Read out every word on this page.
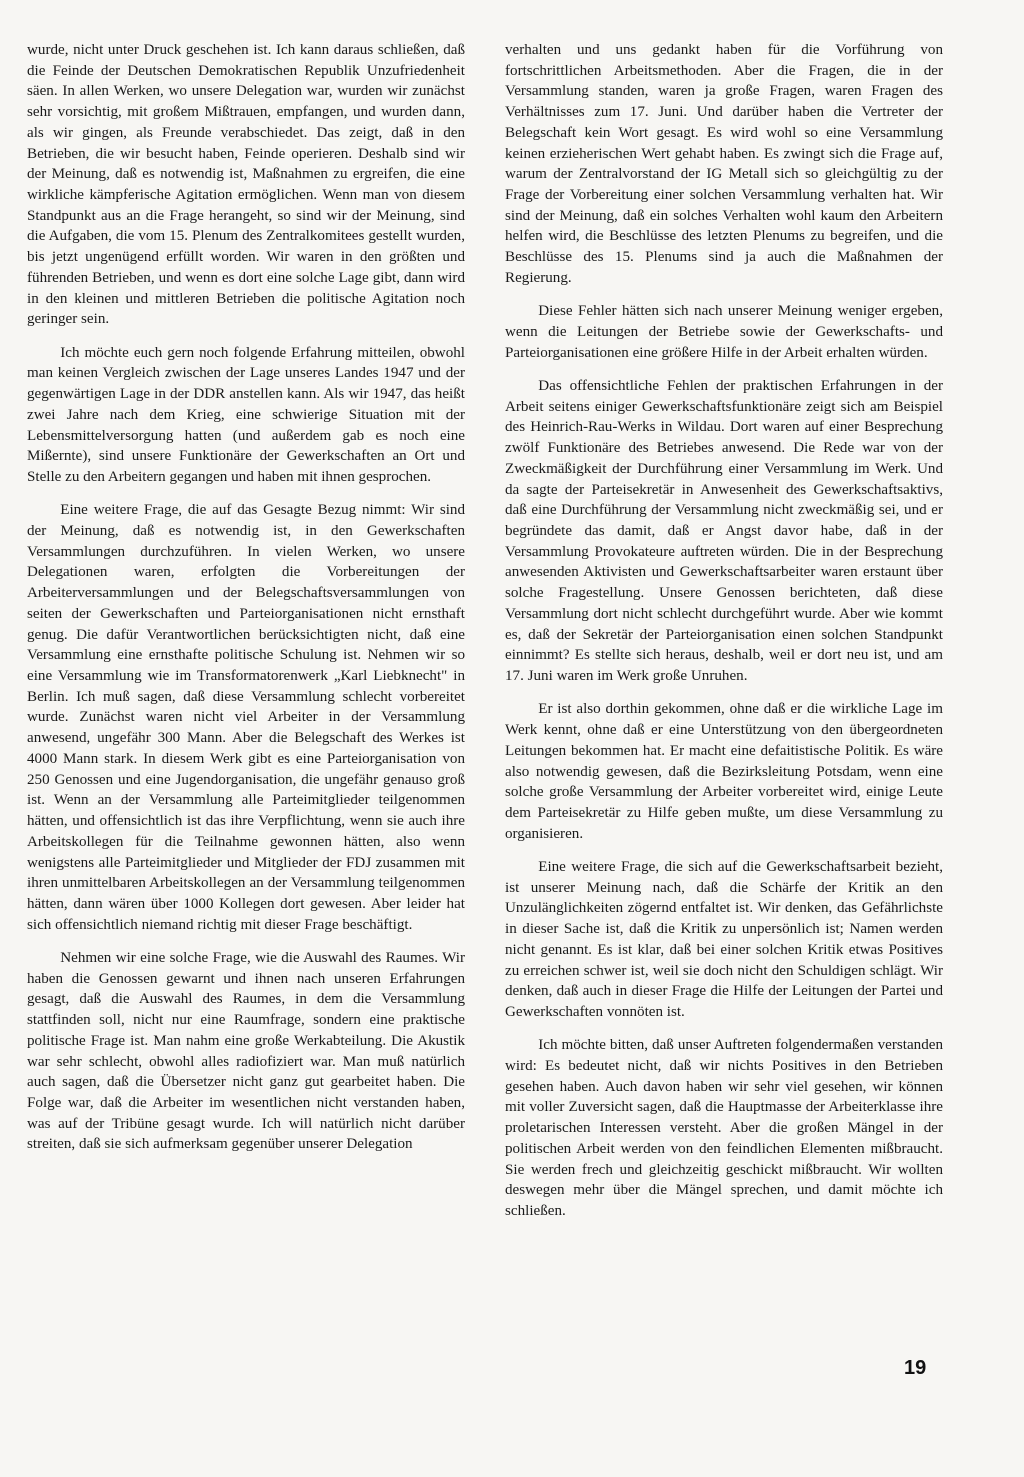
wurde, nicht unter Druck geschehen ist. Ich kann daraus schließen, daß die Feinde der Deutschen Demokratischen Republik Unzufriedenheit säen. In allen Werken, wo unsere Delegation war, wurden wir zunächst sehr vorsichtig, mit großem Mißtrauen, empfangen, und wurden dann, als wir gingen, als Freunde verabschiedet. Das zeigt, daß in den Betrieben, die wir besucht haben, Feinde operieren. Deshalb sind wir der Meinung, daß es notwendig ist, Maßnahmen zu ergreifen, die eine wirkliche kämpferische Agitation ermöglichen. Wenn man von diesem Standpunkt aus an die Frage herangeht, so sind wir der Meinung, sind die Aufgaben, die vom 15. Plenum des Zentralkomitees gestellt wurden, bis jetzt ungenügend erfüllt worden. Wir waren in den größten und führenden Betrieben, und wenn es dort eine solche Lage gibt, dann wird in den kleinen und mittleren Betrieben die politische Agitation noch geringer sein.

Ich möchte euch gern noch folgende Erfahrung mitteilen, obwohl man keinen Vergleich zwischen der Lage unseres Landes 1947 und der gegenwärtigen Lage in der DDR anstellen kann. Als wir 1947, das heißt zwei Jahre nach dem Krieg, eine schwierige Situation mit der Lebensmittelversorgung hatten (und außerdem gab es noch eine Mißernte), sind unsere Funktionäre der Gewerkschaften an Ort und Stelle zu den Arbeitern gegangen und haben mit ihnen gesprochen.

Eine weitere Frage, die auf das Gesagte Bezug nimmt: Wir sind der Meinung, daß es notwendig ist, in den Gewerkschaften Versammlungen durchzuführen. In vielen Werken, wo unsere Delegationen waren, erfolgten die Vorbereitungen der Arbeiterversammlungen und der Belegschaftsversammlungen von seiten der Gewerkschaften und Parteiorganisationen nicht ernsthaft genug. Die dafür Verantwortlichen berücksichtigten nicht, daß eine Versammlung eine ernsthafte politische Schulung ist. Nehmen wir so eine Versammlung wie im Transformatorenwerk „Karl Liebknecht" in Berlin. Ich muß sagen, daß diese Versammlung schlecht vorbereitet wurde. Zunächst waren nicht viel Arbeiter in der Versammlung anwesend, ungefähr 300 Mann. Aber die Belegschaft des Werkes ist 4000 Mann stark. In diesem Werk gibt es eine Parteiorganisation von 250 Genossen und eine Jugendorganisation, die ungefähr genauso groß ist. Wenn an der Versammlung alle Parteimitglieder teilgenommen hätten, und offensichtlich ist das ihre Verpflichtung, wenn sie auch ihre Arbeitskollegen für die Teilnahme gewonnen hätten, also wenn wenigstens alle Parteimitglieder und Mitglieder der FDJ zusammen mit ihren unmittelbaren Arbeitskollegen an der Versammlung teilgenommen hätten, dann wären über 1000 Kollegen dort gewesen. Aber leider hat sich offensichtlich niemand richtig mit dieser Frage beschäftigt.

Nehmen wir eine solche Frage, wie die Auswahl des Raumes. Wir haben die Genossen gewarnt und ihnen nach unseren Erfahrungen gesagt, daß die Auswahl des Raumes, in dem die Versammlung stattfinden soll, nicht nur eine Raumfrage, sondern eine praktische politische Frage ist. Man nahm eine große Werkabteilung. Die Akustik war sehr schlecht, obwohl alles radiofiziert war. Man muß natürlich auch sagen, daß die Übersetzer nicht ganz gut gearbeitet haben. Die Folge war, daß die Arbeiter im wesentlichen nicht verstanden haben, was auf der Tribüne gesagt wurde. Ich will natürlich nicht darüber streiten, daß sie sich aufmerksam gegenüber unserer Delegation

verhalten und uns gedankt haben für die Vorführung von fortschrittlichen Arbeitsmethoden. Aber die Fragen, die in der Versammlung standen, waren ja große Fragen, waren Fragen des Verhältnisses zum 17. Juni. Und darüber haben die Vertreter der Belegschaft kein Wort gesagt. Es wird wohl so eine Versammlung keinen erzieherischen Wert gehabt haben. Es zwingt sich die Frage auf, warum der Zentralvorstand der IG Metall sich so gleichgültig zu der Frage der Vorbereitung einer solchen Versammlung verhalten hat. Wir sind der Meinung, daß ein solches Verhalten wohl kaum den Arbeitern helfen wird, die Beschlüsse des letzten Plenums zu begreifen, und die Beschlüsse des 15. Plenums sind ja auch die Maßnahmen der Regierung.

Diese Fehler hätten sich nach unserer Meinung weniger ergeben, wenn die Leitungen der Betriebe sowie der Gewerkschafts- und Parteiorganisationen eine größere Hilfe in der Arbeit erhalten würden.

Das offensichtliche Fehlen der praktischen Erfahrungen in der Arbeit seitens einiger Gewerkschaftsfunktionäre zeigt sich am Beispiel des Heinrich-Rau-Werks in Wildau. Dort waren auf einer Besprechung zwölf Funktionäre des Betriebes anwesend. Die Rede war von der Zweckmäßigkeit der Durchführung einer Versammlung im Werk. Und da sagte der Parteisekretär in Anwesenheit des Gewerkschaftsaktivs, daß eine Durchführung der Versammlung nicht zweckmäßig sei, und er begründete das damit, daß er Angst davor habe, daß in der Versammlung Provokateure auftreten würden. Die in der Besprechung anwesenden Aktivisten und Gewerkschaftsarbeiter waren erstaunt über solche Fragestellung. Unsere Genossen berichteten, daß diese Versammlung dort nicht schlecht durchgeführt wurde. Aber wie kommt es, daß der Sekretär der Parteiorganisation einen solchen Standpunkt einnimmt? Es stellte sich heraus, deshalb, weil er dort neu ist, und am 17. Juni waren im Werk große Unruhen.

Er ist also dorthin gekommen, ohne daß er die wirkliche Lage im Werk kennt, ohne daß er eine Unterstützung von den übergeordneten Leitungen bekommen hat. Er macht eine defaitistische Politik. Es wäre also notwendig gewesen, daß die Bezirksleitung Potsdam, wenn eine solche große Versammlung der Arbeiter vorbereitet wird, einige Leute dem Parteisekretär zu Hilfe geben mußte, um diese Versammlung zu organisieren.

Eine weitere Frage, die sich auf die Gewerkschaftsarbeit bezieht, ist unserer Meinung nach, daß die Schärfe der Kritik an den Unzulänglichkeiten zögernd entfaltet ist. Wir denken, das Gefährlichste in dieser Sache ist, daß die Kritik zu unpersönlich ist; Namen werden nicht genannt. Es ist klar, daß bei einer solchen Kritik etwas Positives zu erreichen schwer ist, weil sie doch nicht den Schuldigen schlägt. Wir denken, daß auch in dieser Frage die Hilfe der Leitungen der Partei und Gewerkschaften vonnöten ist.

Ich möchte bitten, daß unser Auftreten folgendermaßen verstanden wird: Es bedeutet nicht, daß wir nichts Positives in den Betrieben gesehen haben. Auch davon haben wir sehr viel gesehen, wir können mit voller Zuversicht sagen, daß die Hauptmasse der Arbeiterklasse ihre proletarischen Interessen versteht. Aber die großen Mängel in der politischen Arbeit werden von den feindlichen Elementen mißbraucht. Sie werden frech und gleichzeitig geschickt mißbraucht. Wir wollten deswegen mehr über die Mängel sprechen, und damit möchte ich schließen.

19
